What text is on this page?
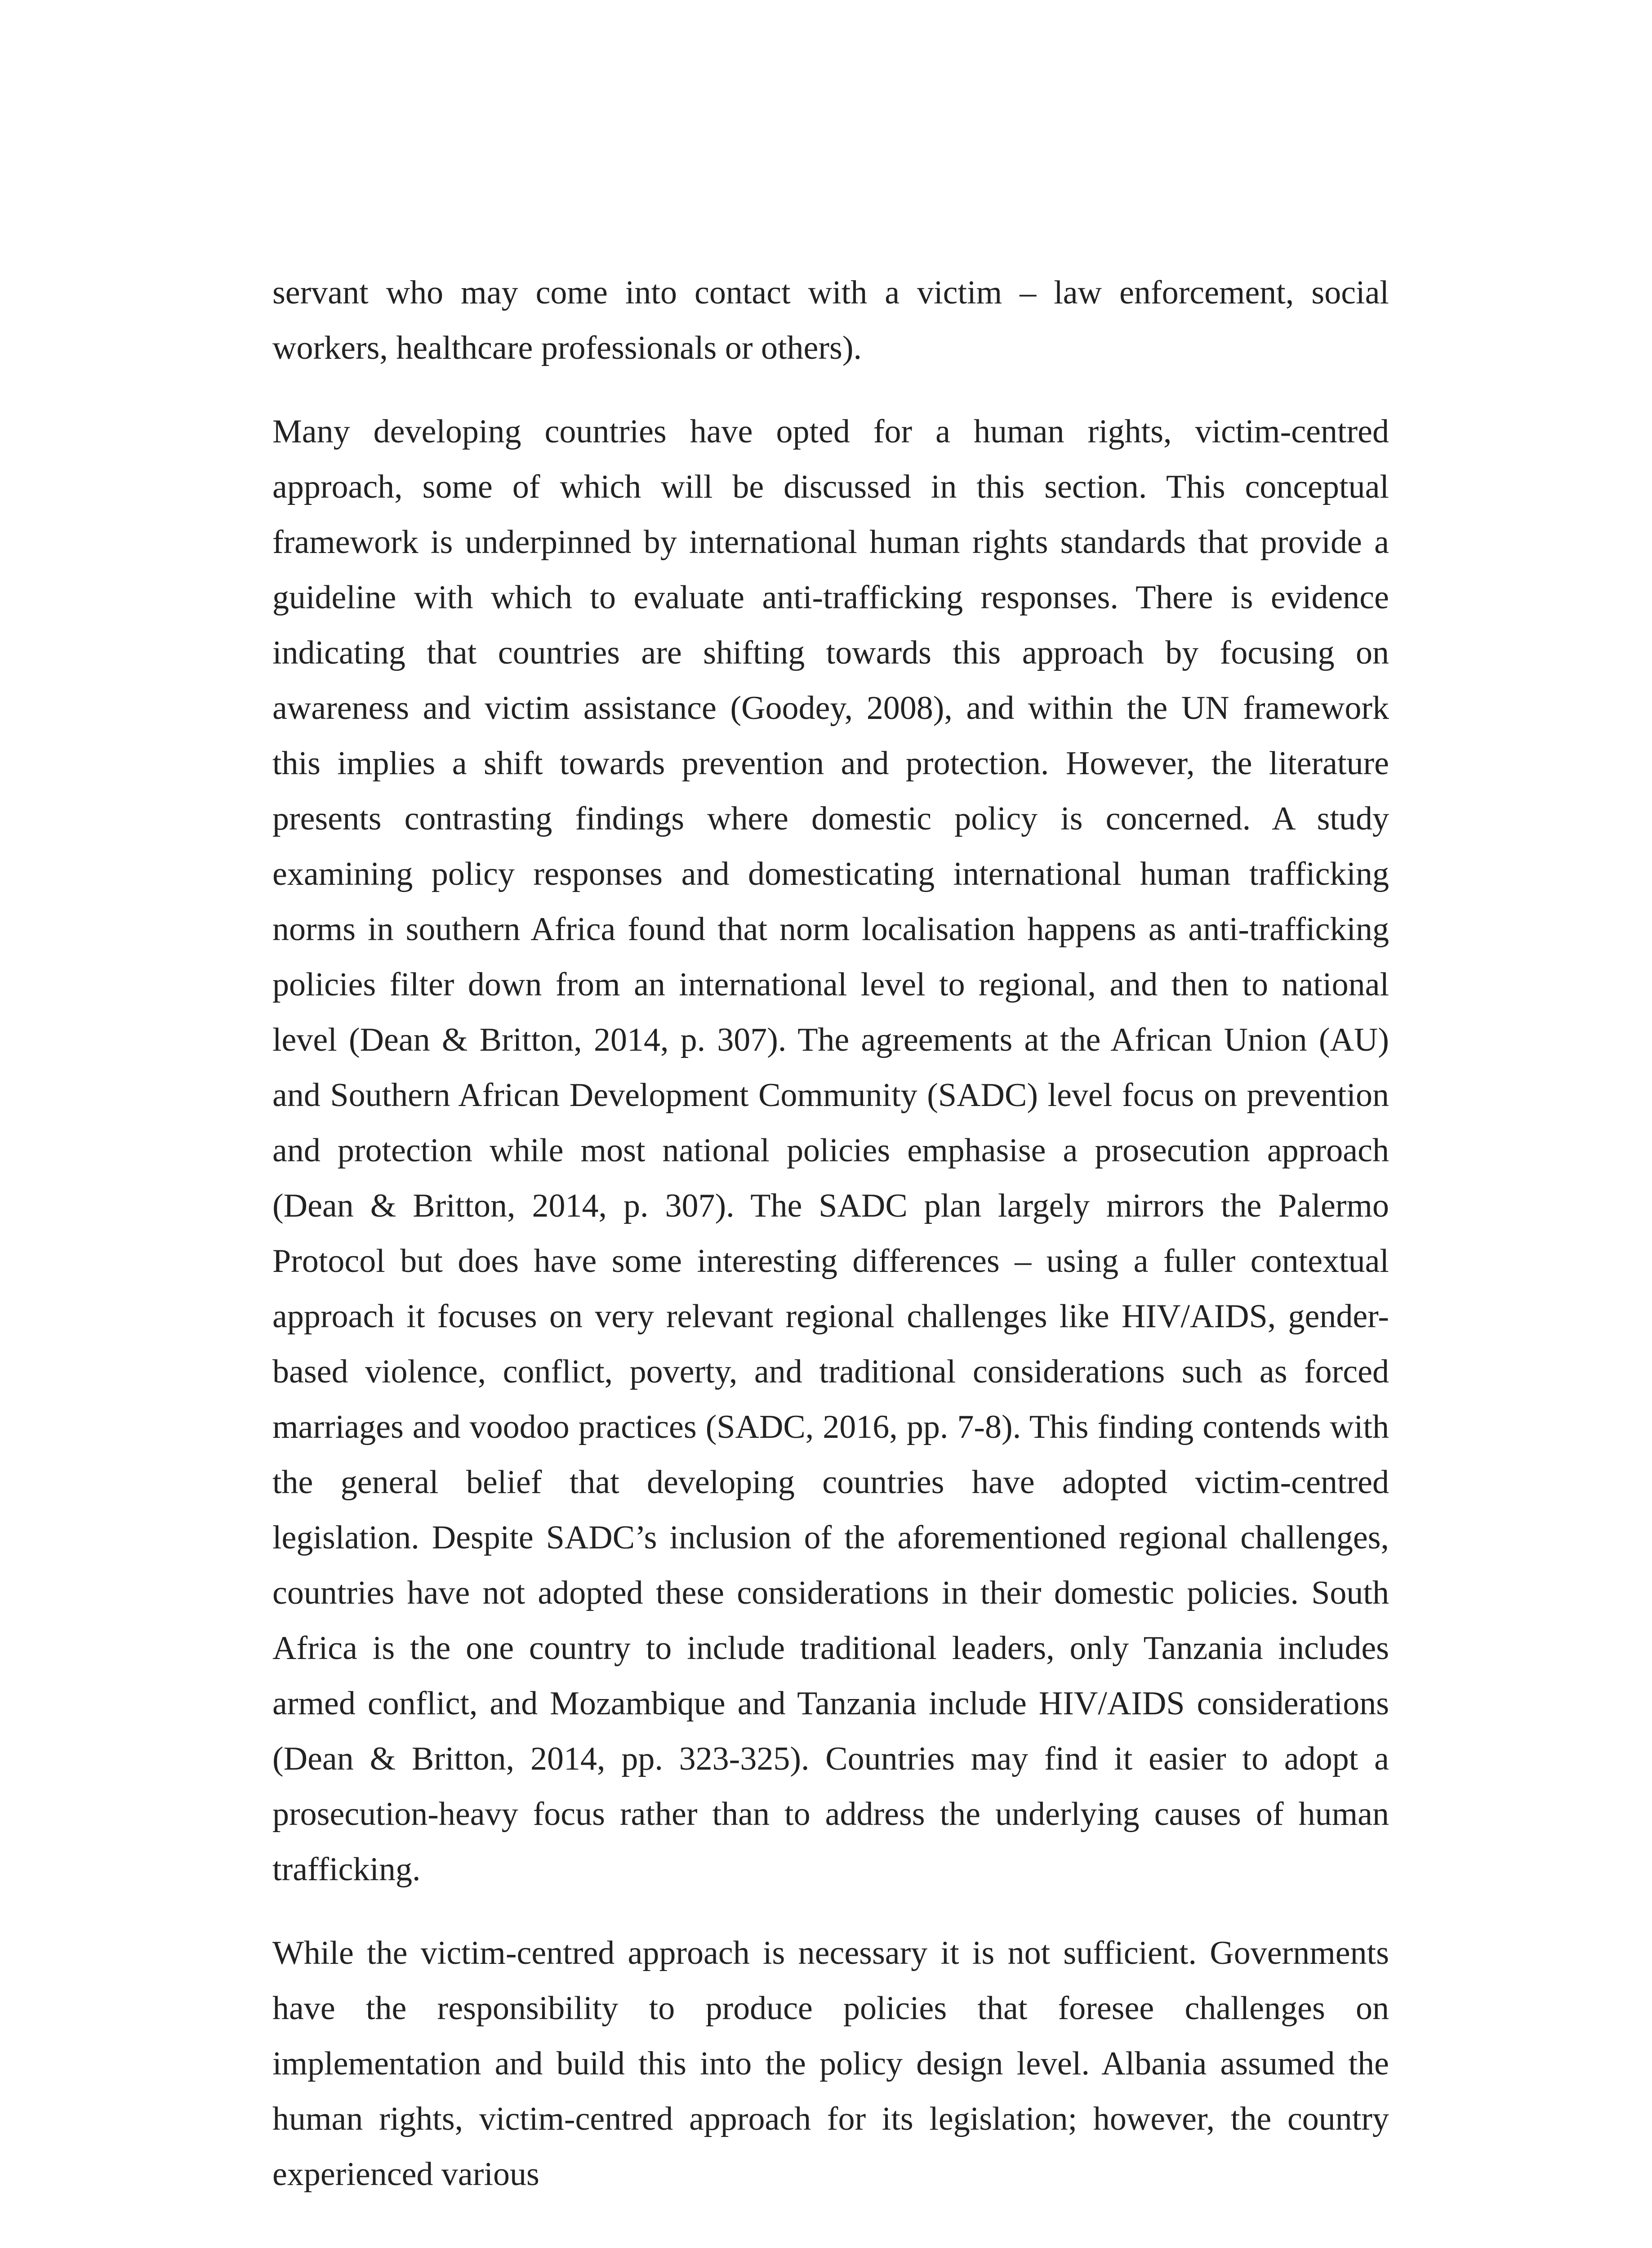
servant who may come into contact with a victim – law enforcement, social workers, healthcare professionals or others).

Many developing countries have opted for a human rights, victim-centred approach, some of which will be discussed in this section. This conceptual framework is underpinned by international human rights standards that provide a guideline with which to evaluate anti-trafficking responses. There is evidence indicating that countries are shifting towards this approach by focusing on awareness and victim assistance (Goodey, 2008), and within the UN framework this implies a shift towards prevention and protection. However, the literature presents contrasting findings where domestic policy is concerned. A study examining policy responses and domesticating international human trafficking norms in southern Africa found that norm localisation happens as anti-trafficking policies filter down from an international level to regional, and then to national level (Dean & Britton, 2014, p. 307). The agreements at the African Union (AU) and Southern African Development Community (SADC) level focus on prevention and protection while most national policies emphasise a prosecution approach (Dean & Britton, 2014, p. 307). The SADC plan largely mirrors the Palermo Protocol but does have some interesting differences – using a fuller contextual approach it focuses on very relevant regional challenges like HIV/AIDS, gender-based violence, conflict, poverty, and traditional considerations such as forced marriages and voodoo practices (SADC, 2016, pp. 7-8). This finding contends with the general belief that developing countries have adopted victim-centred legislation. Despite SADC’s inclusion of the aforementioned regional challenges, countries have not adopted these considerations in their domestic policies. South Africa is the one country to include traditional leaders, only Tanzania includes armed conflict, and Mozambique and Tanzania include HIV/AIDS considerations (Dean & Britton, 2014, pp. 323-325). Countries may find it easier to adopt a prosecution-heavy focus rather than to address the underlying causes of human trafficking.

While the victim-centred approach is necessary it is not sufficient. Governments have the responsibility to produce policies that foresee challenges on implementation and build this into the policy design level. Albania assumed the human rights, victim-centred approach for its legislation; however, the country experienced various
